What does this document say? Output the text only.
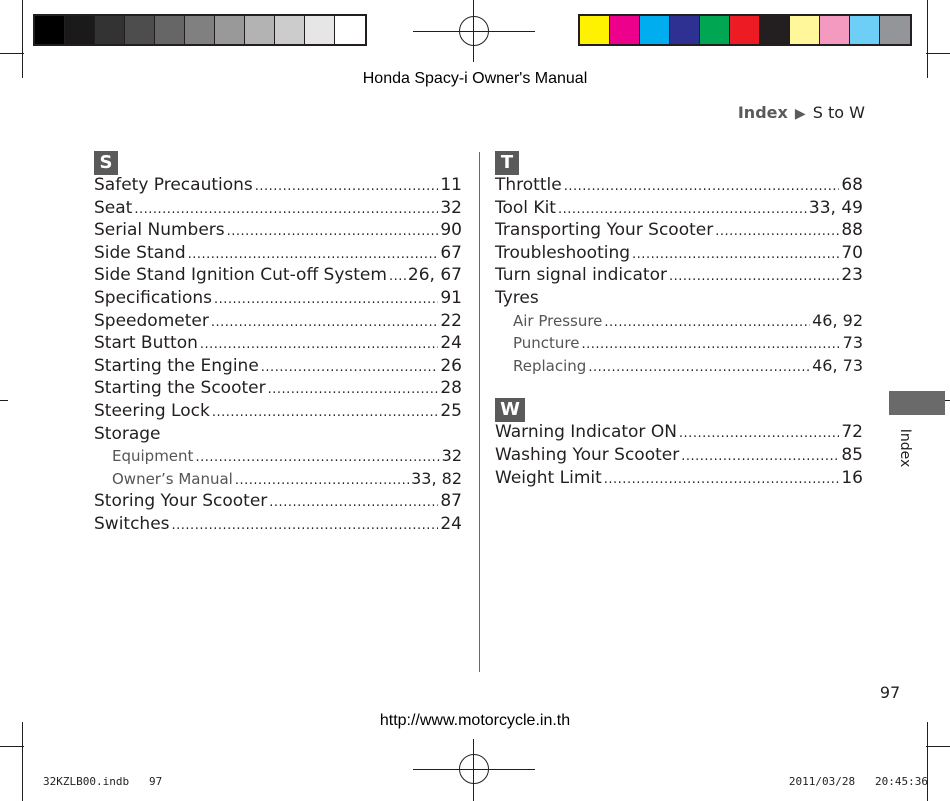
Honda Spacy-i Owner's Manual
Index ▶ S to W
S
Safety Precautions .....	11
Seat .....	32
Serial Numbers .....	90
Side Stand .....	67
Side Stand Ignition Cut-off System ..... 26, 67
Specifications .....	91
Speedometer .....	22
Start Button .....	24
Starting the Engine .....	26
Starting the Scooter .....	28
Steering Lock .....	25
Storage
Equipment .....	32
Owner’s Manual .....	33, 82
Storing Your Scooter .....	87
Switches .....	24
T
Throttle .....	68
Tool Kit .....	33, 49
Transporting Your Scooter .....	88
Troubleshooting .....	70
Turn signal indicator .....	23
Tyres
Air Pressure .....	46, 92
Puncture .....	73
Replacing .....	46, 73
W
Warning Indicator ON .....	72
Washing Your Scooter .....	85
Weight Limit .....	16
Index
97
http://www.motorcycle.in.th
32KZLB00.indb   97	2011/03/28   20:45:36
